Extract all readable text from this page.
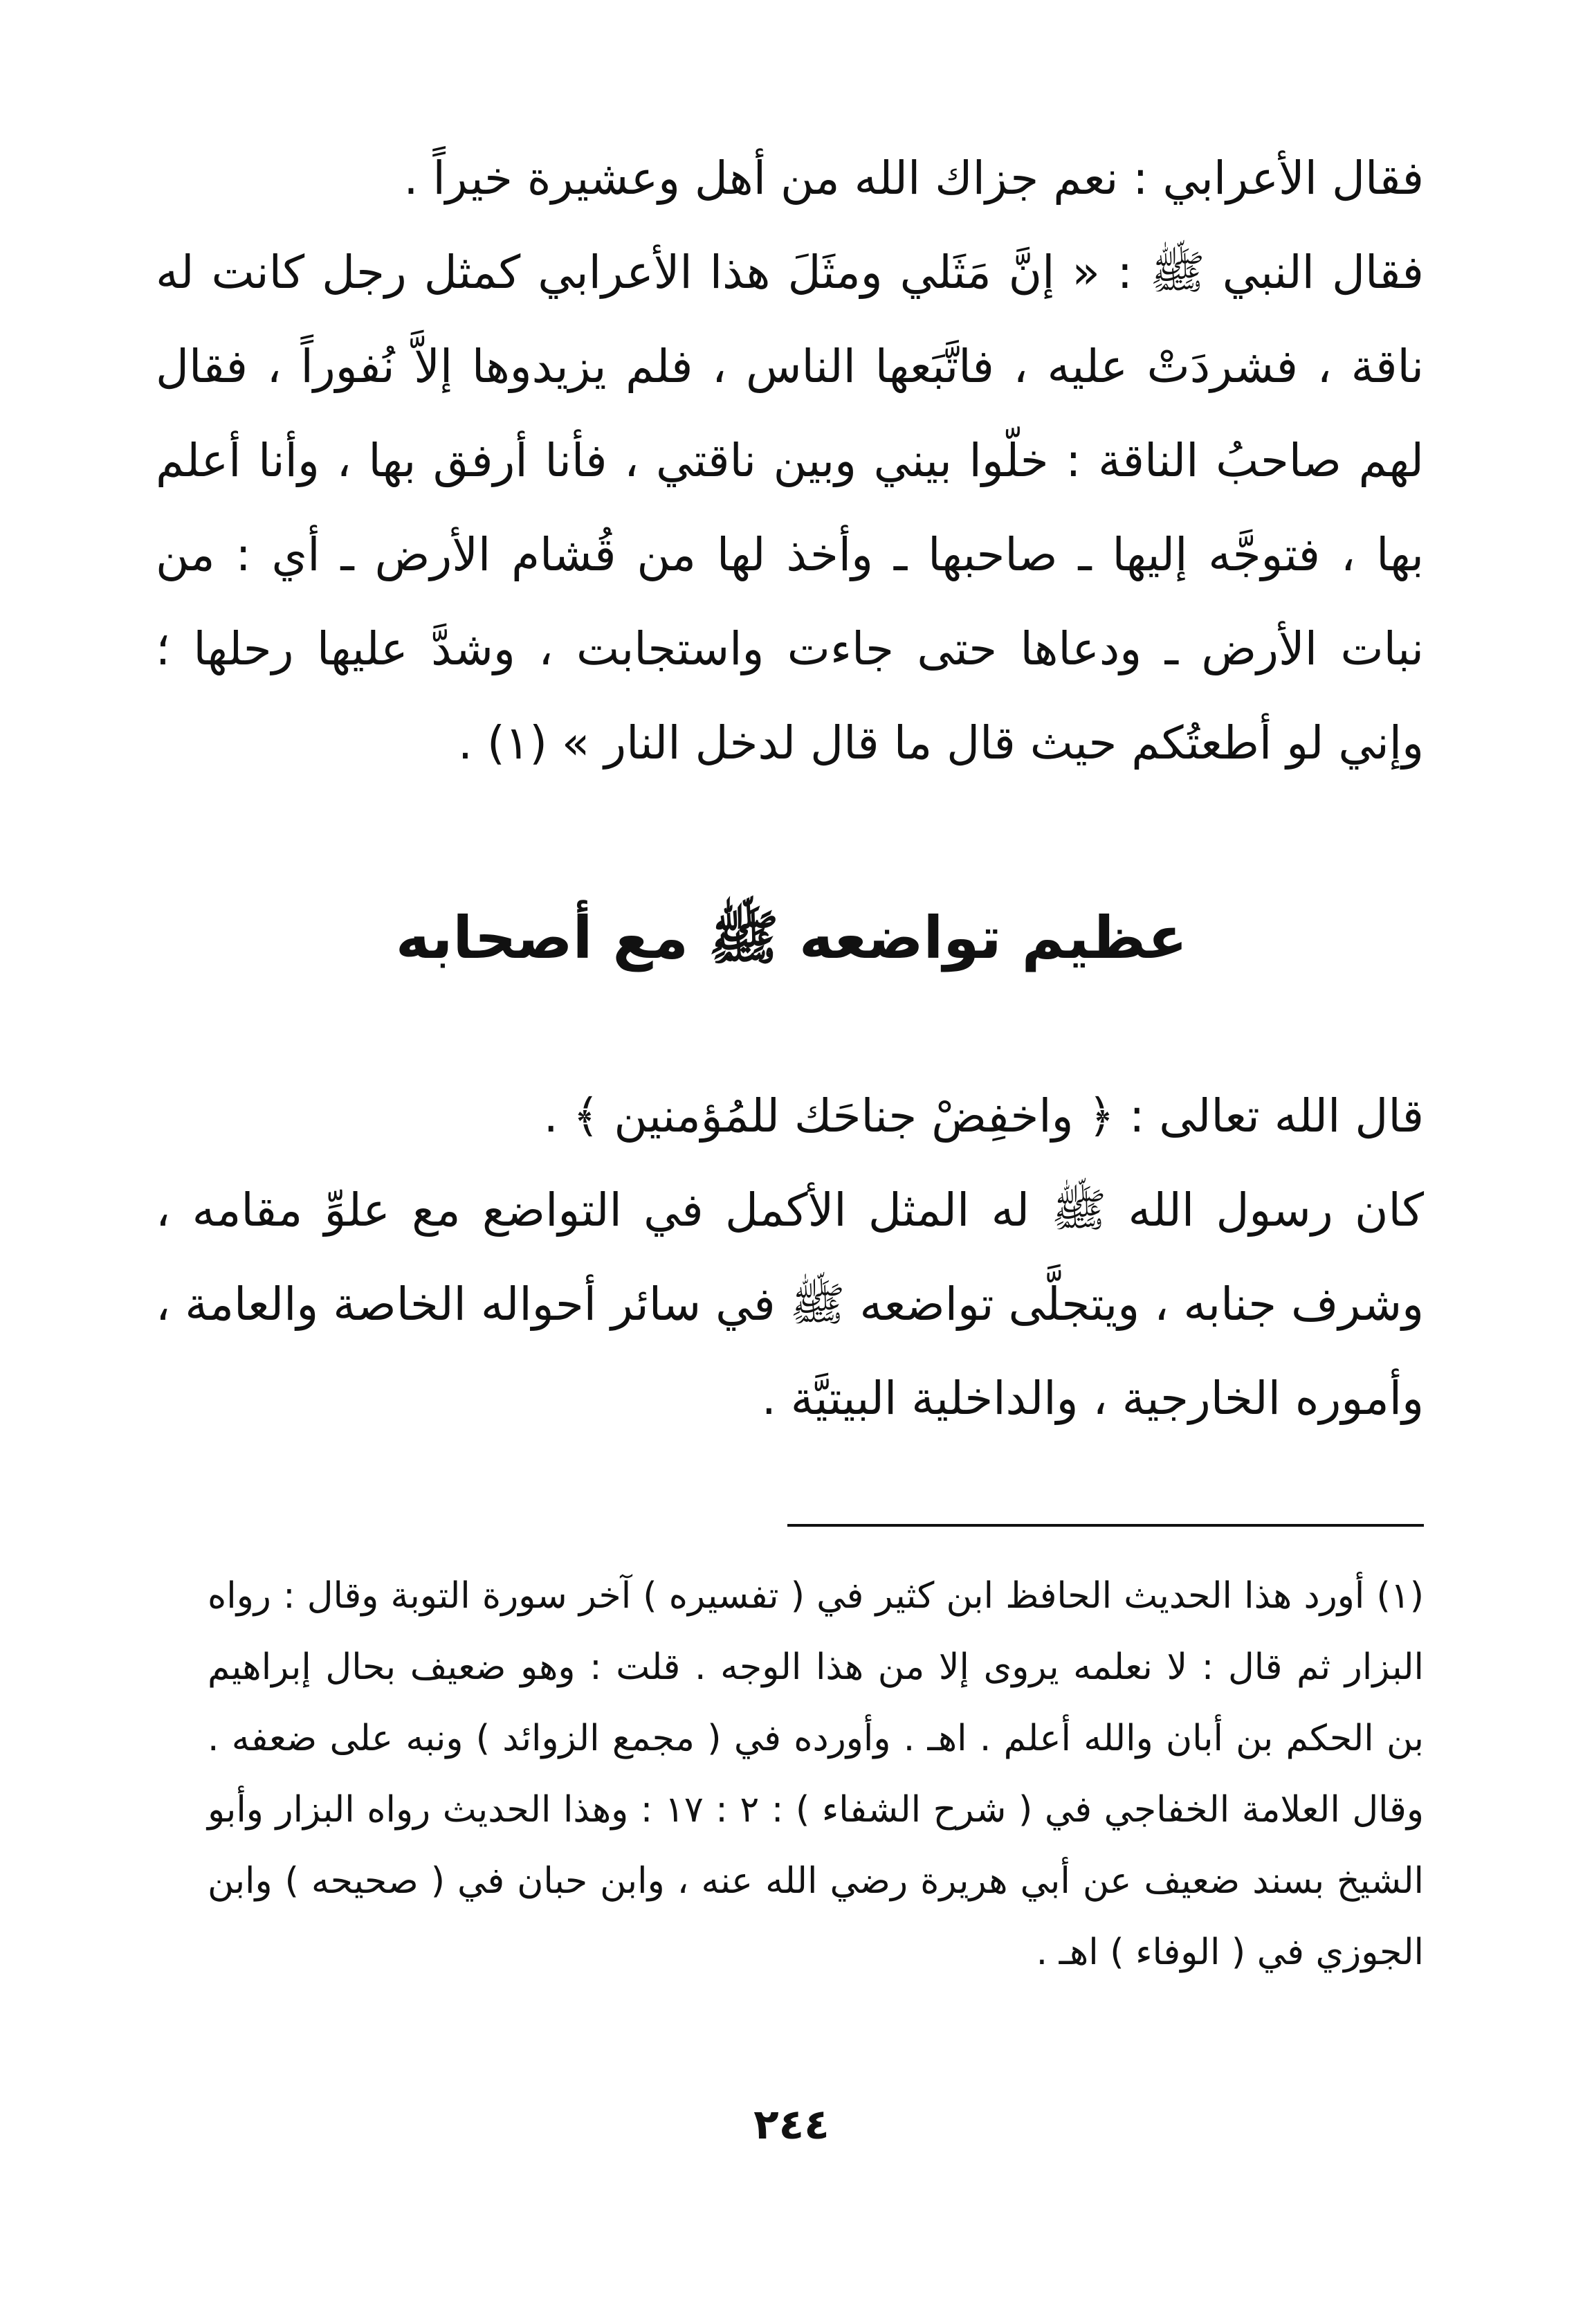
فقال الأعرابي : نعم جزاك الله من أهل وعشيرة خيراً .

فقال النبي ﷺ : « إنَّ مَثَلي ومثَلَ هذا الأعرابي كمثل رجل كانت له ناقة ، فشردَتْ عليه ، فاتَّبَعها الناس ، فلم يزيدوها إلاَّ نُفوراً ، فقال لهم صاحبُ الناقة : خلّوا بيني وبين ناقتي ، فأنا أرفق بها ، وأنا أعلم بها ، فتوجَّه إليها ـ صاحبها ـ وأخذ لها من قُشام الأرض ـ أي : من نبات الأرض ـ ودعاها حتى جاءت واستجابت ، وشدَّ عليها رحلها ؛ وإني لو أطعتُكم حيث قال ما قال لدخل النار » (١) .

عظيم تواضعه ﷺ مع أصحابه

قال الله تعالى : ﴿ واخفِضْ جناحَك للمُؤمنين ﴾ .

كان رسول الله ﷺ له المثل الأكمل في التواضع مع علوِّ مقامه ، وشرف جنابه ، ويتجلَّى تواضعه ﷺ في سائر أحواله الخاصة والعامة ، وأموره الخارجية ، والداخلية البيتيَّة .

(١) أورد هذا الحديث الحافظ ابن كثير في ( تفسيره ) آخر سورة التوبة وقال : رواه البزار ثم قال : لا نعلمه يروى إلا من هذا الوجه . قلت : وهو ضعيف بحال إبراهيم بن الحكم بن أبان والله أعلم . اهـ . وأورده في ( مجمع الزوائد ) ونبه على ضعفه . وقال العلامة الخفاجي في ( شرح الشفاء ) : ٢ : ١٧ : وهذا الحديث رواه البزار وأبو الشيخ بسند ضعيف عن أبي هريرة رضي الله عنه ، وابن حبان في ( صحيحه ) وابن الجوزي في ( الوفاء ) اهـ .

٢٤٤
